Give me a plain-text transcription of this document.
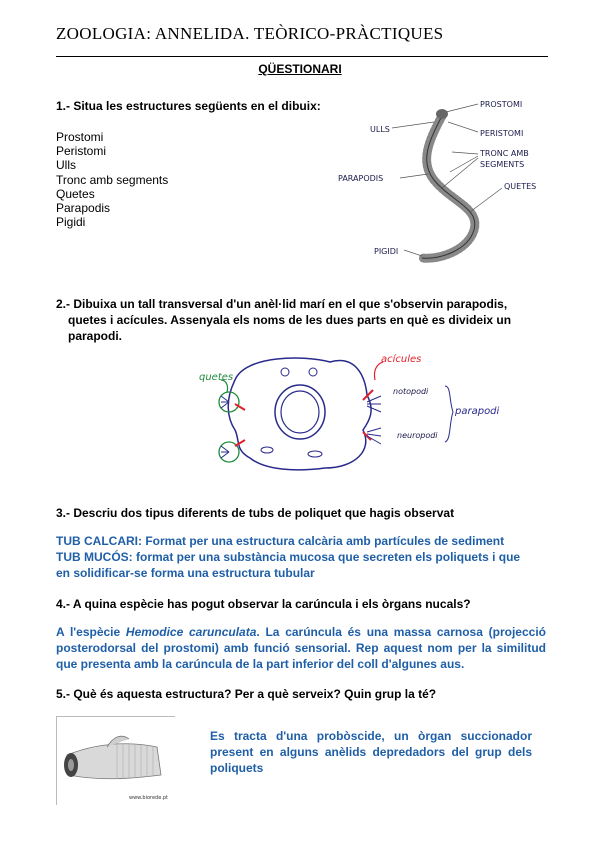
ZOOLOGIA: ANNELIDA. TEÒRICO-PRÀCTIQUES
QÜESTIONARI
1.- Situa les estructures següents en el dibuix:
Prostomi
Peristomi
Ulls
Tronc amb segments
Quetes
Parapodis
Pigidi
PROSTOMI
ULLS	PERISTOMI
TRONC AMB
SEGMENTS
PARAPODIS
QUETES
PIGIDI
2.- Dibuixa un tall transversal d'un anèl·lid marí en el que s'observin parapodis,
quetes i acícules. Assenyala els noms de les dues parts en què es divideix un
parapodi.
acícules
quetes
notopodi
neuropodi
parapodi
3.- Descriu dos tipus diferents de tubs de poliquet que hagis observat
TUB CALCARI: Format per una estructura calcària amb partícules de sediment
TUB MUCÓS: format per una substància mucosa que secreten els poliquets i que
en solidificar-se forma una estructura tubular
4.- A quina espècie has pogut observar la carúncula i els òrgans nucals?
A l'espècie Hemodice carunculata. La carúncula és una massa carnosa (projecció posterodorsal del prostomi) amb funció sensorial. Rep aquest nom per la similitud que presenta amb la carúncula de la part inferior del coll d'algunes aus.
5.- Què és aquesta estructura? Per a què serveix? Quin grup la té?
www.biorede.pt
Es tracta d'una probòscide, un òrgan succionador present en alguns anèlids depredadors del grup dels poliquets
